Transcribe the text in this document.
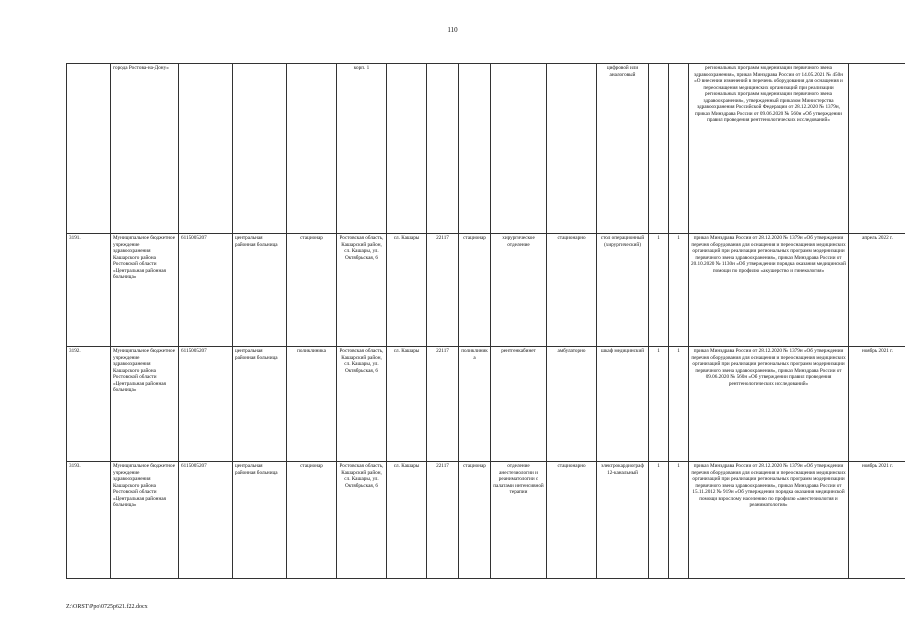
110
	города Ростова-на-Дону»				корп. 1						цифровой или аналоговый			региональных программ модернизации первичного звена здравоохранения», приказ Минздрава России от 14.05.2021 № 450н «О внесении изменений в перечень оборудования для оснащения и переоснащения медицинских организаций при реализации региональных программ модернизации первичного звена здравоохранения», утвержденный приказом Министерства здравоохранения Российской Федерации от 28.12.2020 № 1379н, приказ Минздрава России от 09.06.2020 № 560н «Об утверждении правил проведения рентгенологических исследований»	
3191.	Муниципальное бюджетное учреждение здравоохранения Кашарского района Ростовской области «Центральная районная больница»	6115005207	центральная районная больница	стационар	Ростовская область, Кашарский район, сл. Кашары, ул. Октябрьская, 6	сл. Кашары	22117	стационар	хирургическое отделение	стационарно	стол операционный (хирургический)	1	1	приказ Минздрава России от 28.12.2020 № 1379н «Об утверждении перечня оборудования для оснащения и переоснащения медицинских организаций при реализации региональных программ модернизации первичного звена здравоохранения», приказ Минздрава России от 20.10.2020 № 1130н «Об утверждении порядка оказания медицинской помощи по профилю «акушерство и гинекология»	апрель 2022 г.
3192.	Муниципальное бюджетное учреждение здравоохранения Кашарского района Ростовской области «Центральная районная больница»	6115005207	центральная районная больница	поликлиника	Ростовская область, Кашарский район, сл. Кашары, ул. Октябрьская, 6	сл. Кашары	22117	поликлиника	рентгенкабинет	амбулаторно	шкаф медицинский	1	1	приказ Минздрава России от 28.12.2020 № 1379н «Об утверждении перечня оборудования для оснащения и переоснащения медицинских организаций при реализации региональных программ модернизации первичного звена здравоохранения», приказ Минздрава России от 09.06.2020 № 560н «Об утверждении правил проведения рентгенологических исследований»	ноябрь 2021 г.
3193.	Муниципальное бюджетное учреждение здравоохранения Кашарского района Ростовской области «Центральная районная больница»	6115005207	центральная районная больница	стационар	Ростовская область, Кашарский район, сл. Кашары, ул. Октябрьская, 6	сл. Кашары	22117	стационар	отделение анестезиологии и реаниматологии с палатами интенсивной терапии	стационарно	электрокардиограф 12-канальный	1	1	приказ Минздрава России от 28.12.2020 № 1379н «Об утверждении перечня оборудования для оснащения и переоснащения медицинских организаций при реализации региональных программ модернизации первичного звена здравоохранения», приказ Минздрава России от 15.11.2012 № 919н «Об утверждении порядка оказания медицинской помощи взрослому населению по профилю «анестезиология и реаниматология»	ноябрь 2021 г.
Z:\ORST\Ppo\0725p621.f22.docx
